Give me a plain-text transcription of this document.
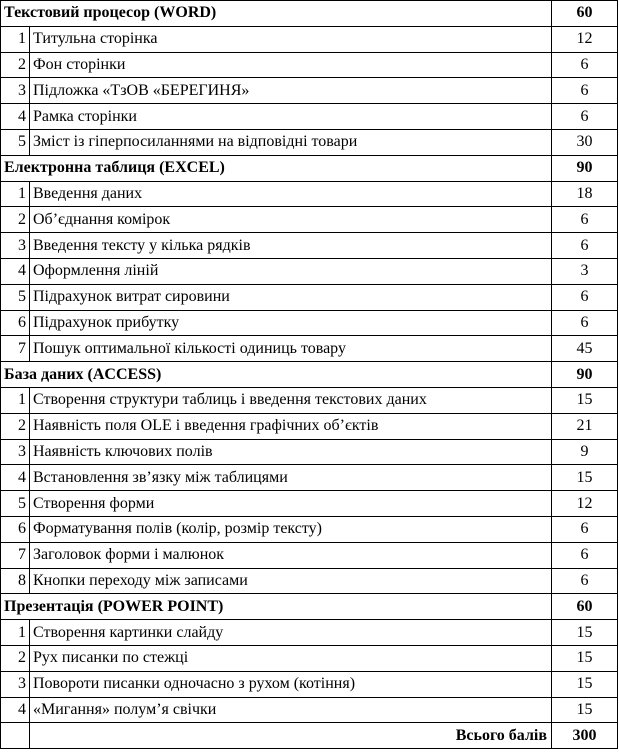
Текстовий процесор (WORD)		60
1	Титульна сторінка	12
2	Фон сторінки	6
3	Підложка «ТзОВ «БЕРЕГИНЯ»	6
4	Рамка сторінки	6
5	Зміст із гіперпосиланнями на відповідні товари	30
Електронна таблиця (EXCEL)		90
1	Введення даних	18
2	Об’єднання комірок	6
3	Введення тексту у кілька рядків	6
4	Оформлення ліній	3
5	Підрахунок витрат сировини	6
6	Підрахунок прибутку	6
7	Пошук оптимальної кількості одиниць товару	45
База даних (ACCESS)		90
1	Створення структури таблиць і введення текстових даних	15
2	Наявність поля OLE і введення графічних об’єктів	21
3	Наявність ключових полів	9
4	Встановлення зв’язку між таблицями	15
5	Створення форми	12
6	Форматування полів (колір, розмір тексту)	6
7	Заголовок форми і малюнок	6
8	Кнопки переходу між записами	6
Презентація (POWER POINT)		60
1	Створення картинки слайду	15
2	Рух писанки по стежці	15
3	Повороти писанки одночасно з рухом (котіння)	15
4	«Мигання» полум’я свічки	15
	Всього балів	300
